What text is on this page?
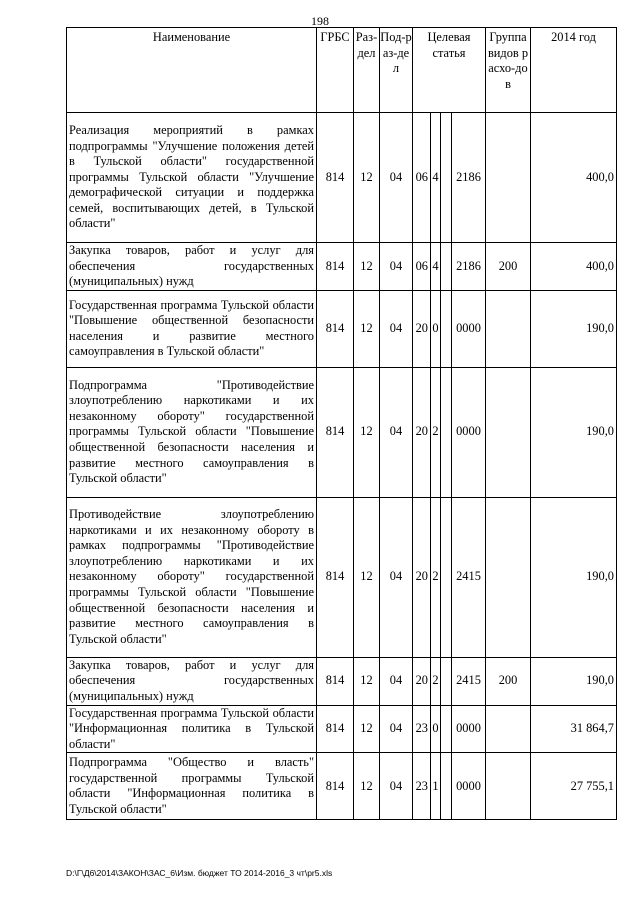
198
Наименование	ГРБС	Раз-дел	Под-раз-дел	Целевая статья				Группа видов расхо-дов	2014 год
Реализация мероприятий в рамках подпрограммы "Улучшение положения детей в Тульской области" государственной программы Тульской области "Улучшение демографической ситуации и поддержка семей, воспитывающих детей, в Тульской области"	814	12	04	06	4		2186		400,0
Закупка товаров, работ и услуг для обеспечения государственных (муниципальных) нужд	814	12	04	06	4		2186	200	400,0
Государственная программа Тульской области "Повышение общественной безопасности населения и развитие местного самоуправления в Тульской области"	814	12	04	20	0		0000		190,0
Подпрограмма "Противодействие злоупотреблению наркотиками и их незаконному обороту" государственной программы Тульской области "Повышение общественной безопасности населения и развитие местного самоуправления в Тульской области"	814	12	04	20	2		0000		190,0
Противодействие злоупотреблению наркотиками и их незаконному обороту в рамках подпрограммы "Противодействие злоупотреблению наркотиками и их незаконному обороту" государственной программы Тульской области "Повышение общественной безопасности населения и развитие местного самоуправления в Тульской области"	814	12	04	20	2		2415		190,0
Закупка товаров, работ и услуг для обеспечения государственных (муниципальных) нужд	814	12	04	20	2		2415	200	190,0
Государственная программа Тульской области "Информационная политика в Тульской области"	814	12	04	23	0		0000		31 864,7
Подпрограмма "Общество и власть" государственной программы Тульской области "Информационная политика в Тульской области"	814	12	04	23	1		0000		27 755,1
D:\Г\Д6\2014\ЗАКОН\ЗАС_6\Изм. бюджет ТО 2014-2016_3 чт\pr5.xls
